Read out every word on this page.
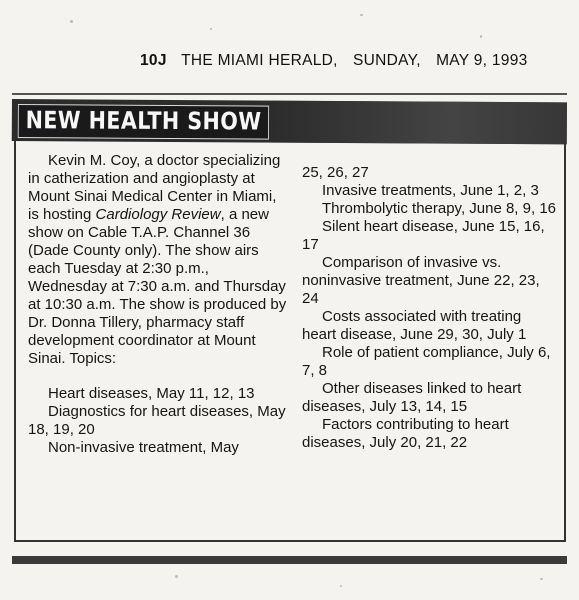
10J THE MIAMI HERALD, SUNDAY, MAY 9, 1993
NEW HEALTH SHOW

Kevin M. Coy, a doctor specializing in catherization and angioplasty at Mount Sinai Medical Center in Miami, is hosting Cardiology Review, a new show on Cable T.A.P. Channel 36 (Dade County only). The show airs each Tuesday at 2:30 p.m., Wednesday at 7:30 a.m. and Thursday at 10:30 a.m. The show is produced by Dr. Donna Tillery, pharmacy staff development coordinator at Mount Sinai. Topics:

Heart diseases, May 11, 12, 13

Diagnostics for heart diseases, May 18, 19, 20

Non-invasive treatment, May

25, 26, 27

Invasive treatments, June 1, 2, 3

Thrombolytic therapy, June 8, 9, 16

Silent heart disease, June 15, 16, 17

Comparison of invasive vs. noninvasive treatment, June 22, 23, 24

Costs associated with treating heart disease, June 29, 30, July 1

Role of patient compliance, July 6, 7, 8

Other diseases linked to heart diseases, July 13, 14, 15

Factors contributing to heart diseases, July 20, 21, 22
